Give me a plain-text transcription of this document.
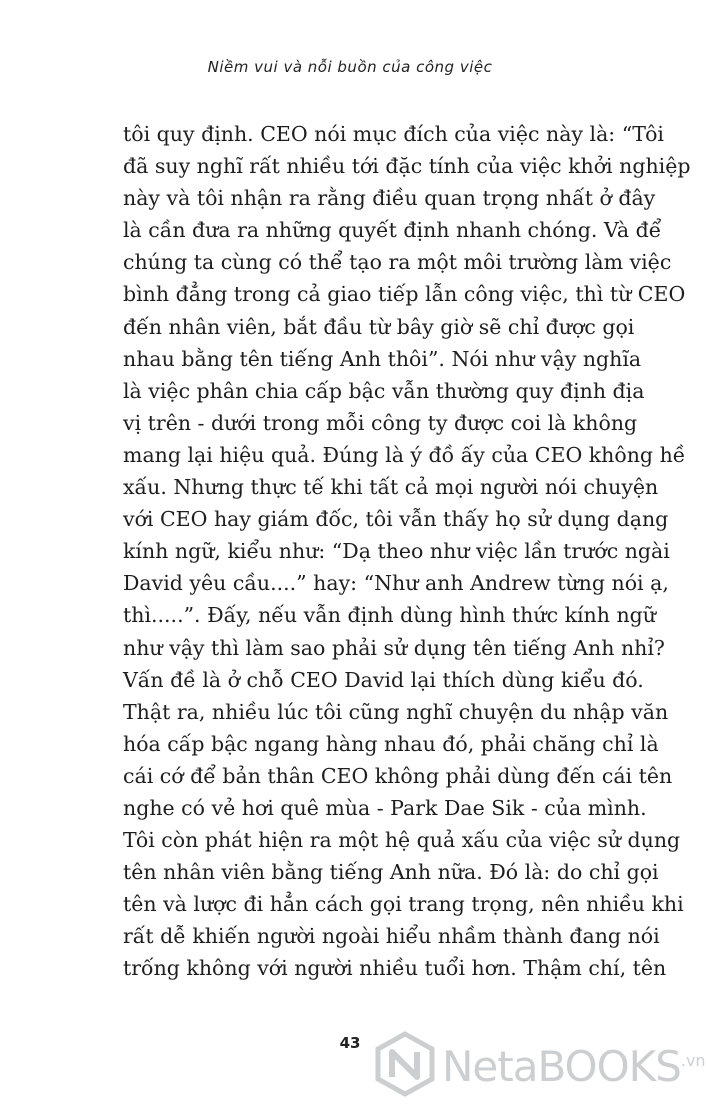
Niềm vui và nỗi buồn của công việc
tôi quy định. CEO nói mục đích của việc này là: “Tôi
đã suy nghĩ rất nhiều tới đặc tính của việc khởi nghiệp
này và tôi nhận ra rằng điều quan trọng nhất ở đây
là cần đưa ra những quyết định nhanh chóng. Và để
chúng ta cùng có thể tạo ra một môi trường làm việc
bình đẳng trong cả giao tiếp lẫn công việc, thì từ CEO
đến nhân viên, bắt đầu từ bây giờ sẽ chỉ được gọi
nhau bằng tên tiếng Anh thôi”. Nói như vậy nghĩa
là việc phân chia cấp bậc vẫn thường quy định địa
vị trên - dưới trong mỗi công ty được coi là không
mang lại hiệu quả. Đúng là ý đồ ấy của CEO không hề
xấu. Nhưng thực tế khi tất cả mọi người nói chuyện
với CEO hay giám đốc, tôi vẫn thấy họ sử dụng dạng
kính ngữ, kiểu như: “Dạ theo như việc lần trước ngài
David yêu cầu....” hay: “Như anh Andrew từng nói ạ,
thì.....”. Đấy, nếu vẫn định dùng hình thức kính ngữ
như vậy thì làm sao phải sử dụng tên tiếng Anh nhỉ?
Vấn đề là ở chỗ CEO David lại thích dùng kiểu đó.
Thật ra, nhiều lúc tôi cũng nghĩ chuyện du nhập văn
hóa cấp bậc ngang hàng nhau đó, phải chăng chỉ là
cái cớ để bản thân CEO không phải dùng đến cái tên
nghe có vẻ hơi quê mùa - Park Dae Sik - của mình.
Tôi còn phát hiện ra một hệ quả xấu của việc sử dụng
tên nhân viên bằng tiếng Anh nữa. Đó là: do chỉ gọi
tên và lược đi hẳn cách gọi trang trọng, nên nhiều khi
rất dễ khiến người ngoài hiểu nhầm thành đang nói
trống không với người nhiều tuổi hơn. Thậm chí, tên
43	NetaBOOKS$^{.vn}$
